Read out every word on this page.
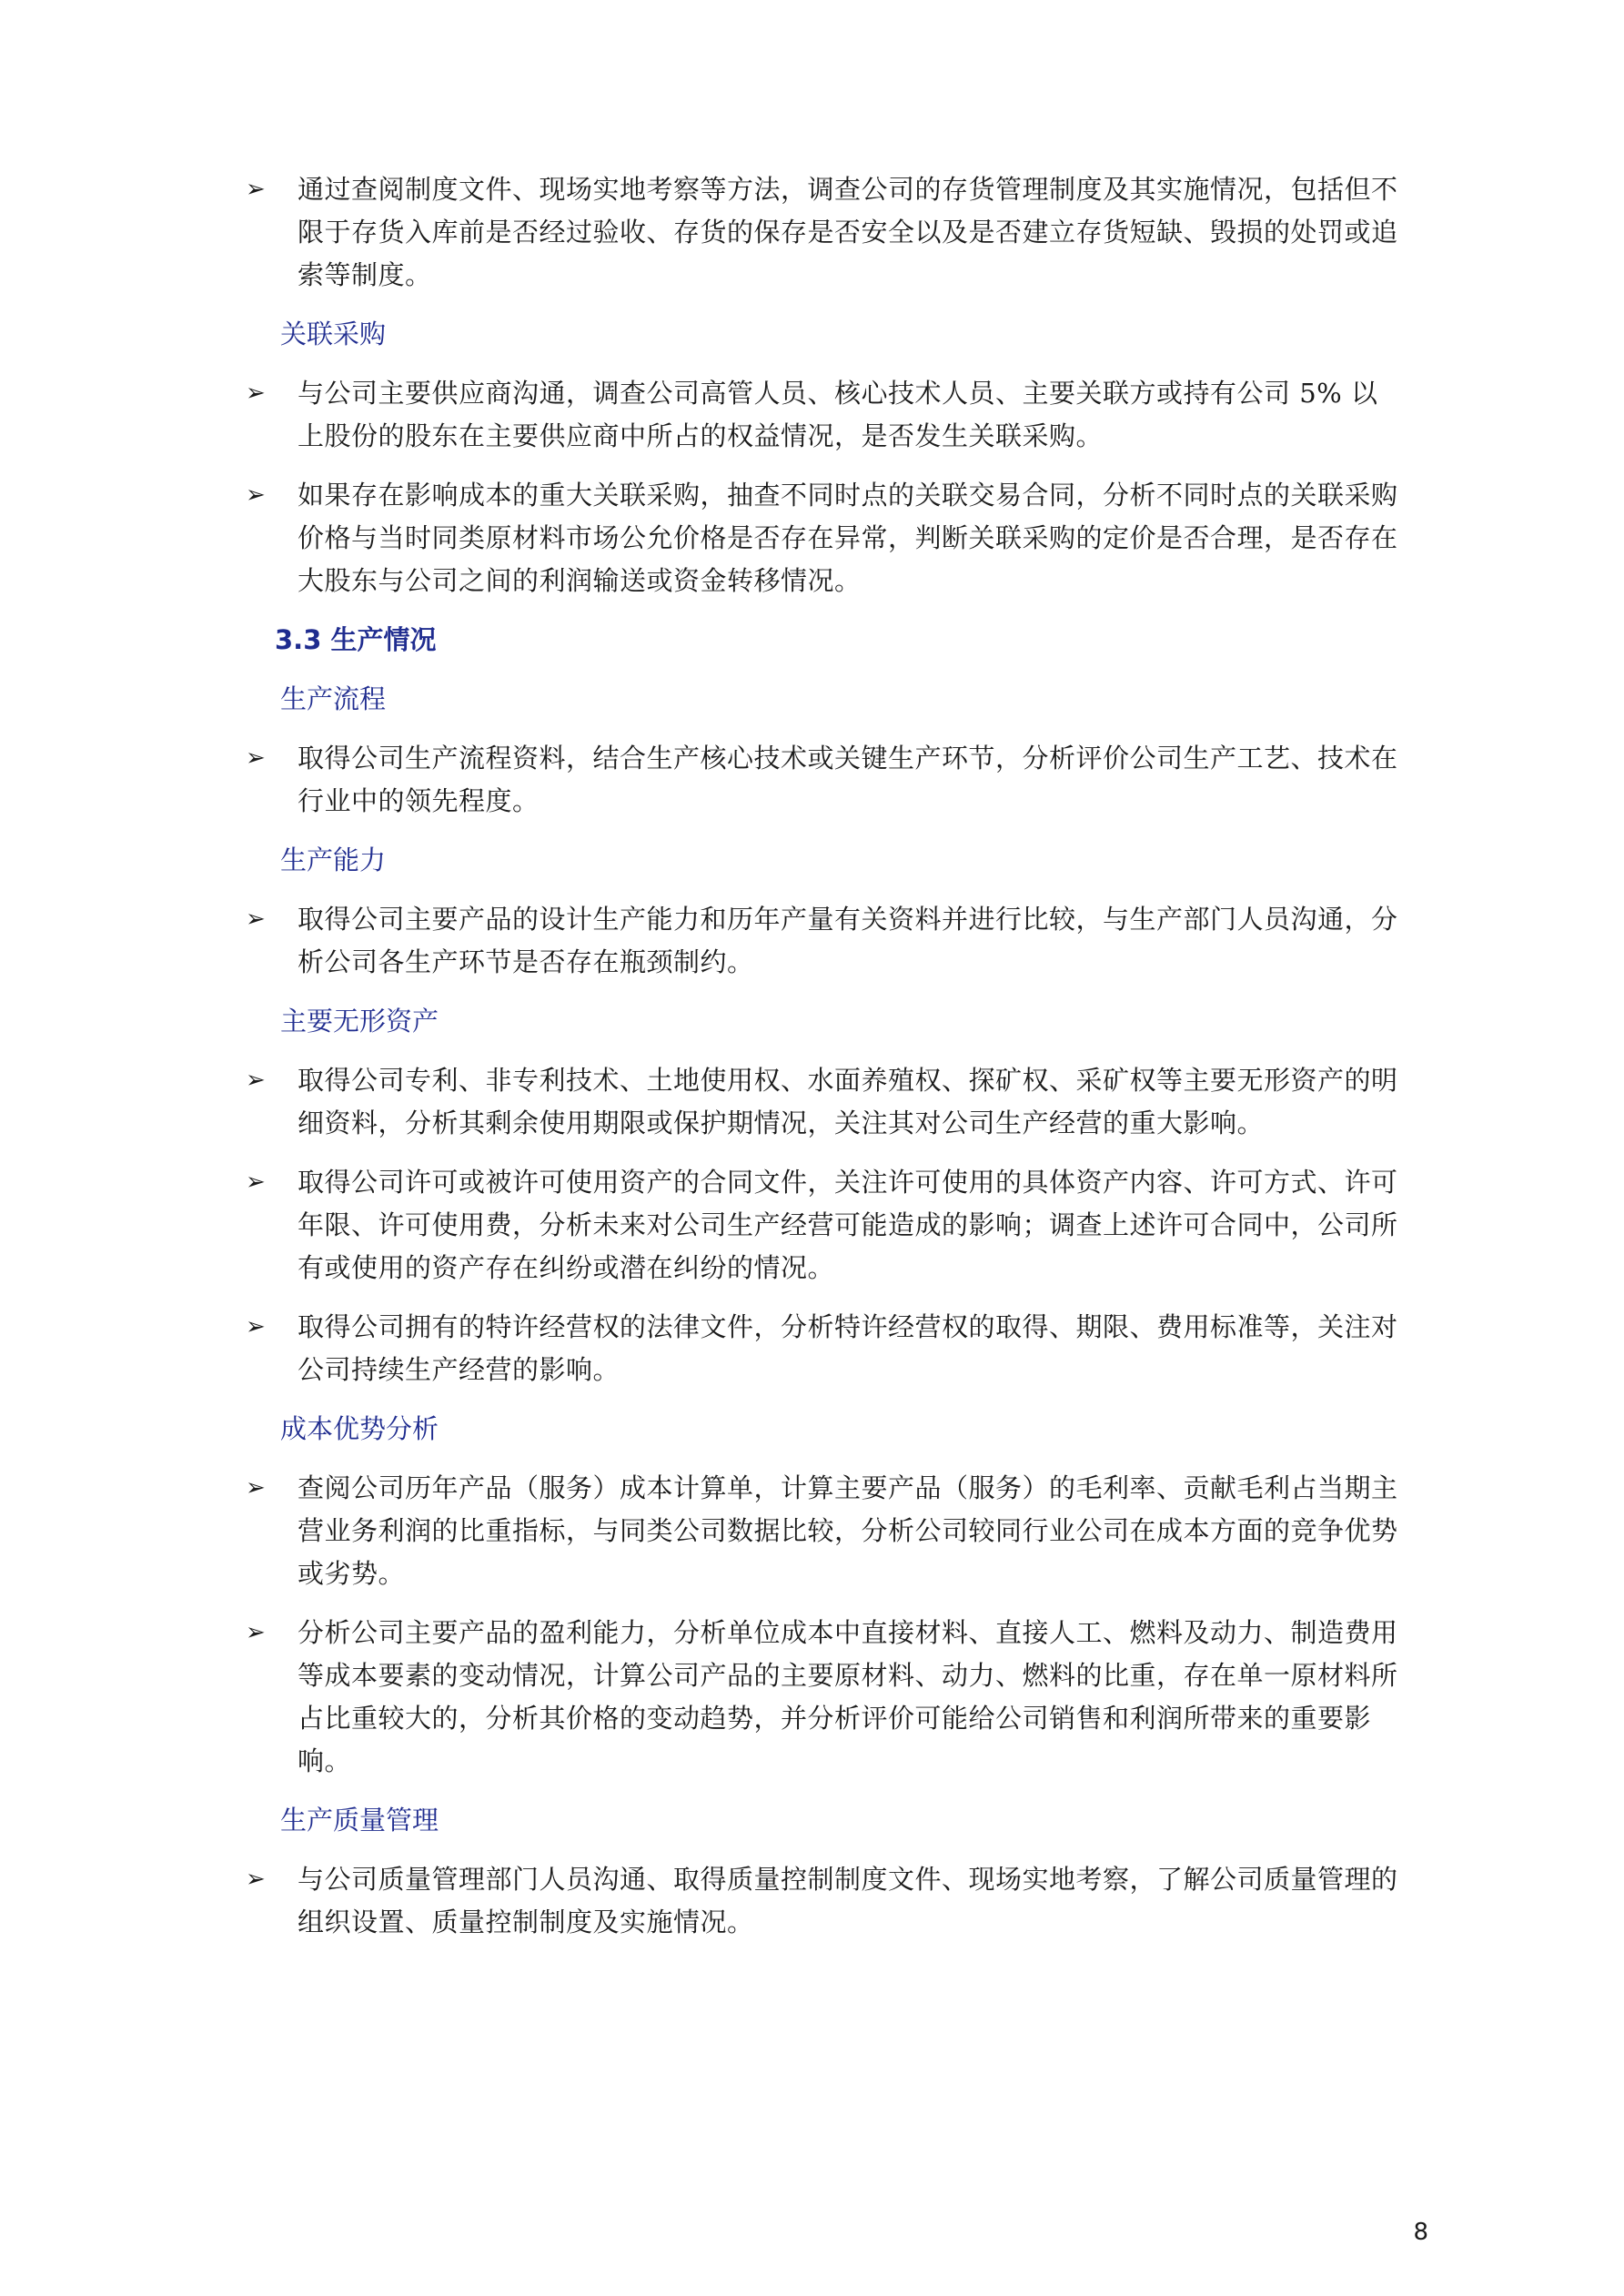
➢	通过查阅制度文件、现场实地考察等方法，调查公司的存货管理制度及其实施情况，包括但不限于存货入库前是否经过验收、存货的保存是否安全以及是否建立存货短缺、毁损的处罚或追索等制度。
关联采购
➢	与公司主要供应商沟通，调查公司高管人员、核心技术人员、主要关联方或持有公司 5% 以上股份的股东在主要供应商中所占的权益情况，是否发生关联采购。
➢	如果存在影响成本的重大关联采购，抽查不同时点的关联交易合同，分析不同时点的关联采购价格与当时同类原材料市场公允价格是否存在异常，判断关联采购的定价是否合理，是否存在大股东与公司之间的利润输送或资金转移情况。
3.3 生产情况
生产流程
➢	取得公司生产流程资料，结合生产核心技术或关键生产环节，分析评价公司生产工艺、技术在行业中的领先程度。
生产能力
➢	取得公司主要产品的设计生产能力和历年产量有关资料并进行比较，与生产部门人员沟通，分析公司各生产环节是否存在瓶颈制约。
主要无形资产
➢	取得公司专利、非专利技术、土地使用权、水面养殖权、探矿权、采矿权等主要无形资产的明细资料，分析其剩余使用期限或保护期情况，关注其对公司生产经营的重大影响。
➢	取得公司许可或被许可使用资产的合同文件，关注许可使用的具体资产内容、许可方式、许可年限、许可使用费，分析未来对公司生产经营可能造成的影响；调查上述许可合同中，公司所有或使用的资产存在纠纷或潜在纠纷的情况。
➢	取得公司拥有的特许经营权的法律文件，分析特许经营权的取得、期限、费用标准等，关注对公司持续生产经营的影响。
成本优势分析
➢	查阅公司历年产品（服务）成本计算单，计算主要产品（服务）的毛利率、贡献毛利占当期主营业务利润的比重指标，与同类公司数据比较，分析公司较同行业公司在成本方面的竞争优势或劣势。
➢	分析公司主要产品的盈利能力，分析单位成本中直接材料、直接人工、燃料及动力、制造费用等成本要素的变动情况，计算公司产品的主要原材料、动力、燃料的比重，存在单一原材料所占比重较大的，分析其价格的变动趋势，并分析评价可能给公司销售和利润所带来的重要影响。
生产质量管理
➢	与公司质量管理部门人员沟通、取得质量控制制度文件、现场实地考察，了解公司质量管理的组织设置、质量控制制度及实施情况。
8
